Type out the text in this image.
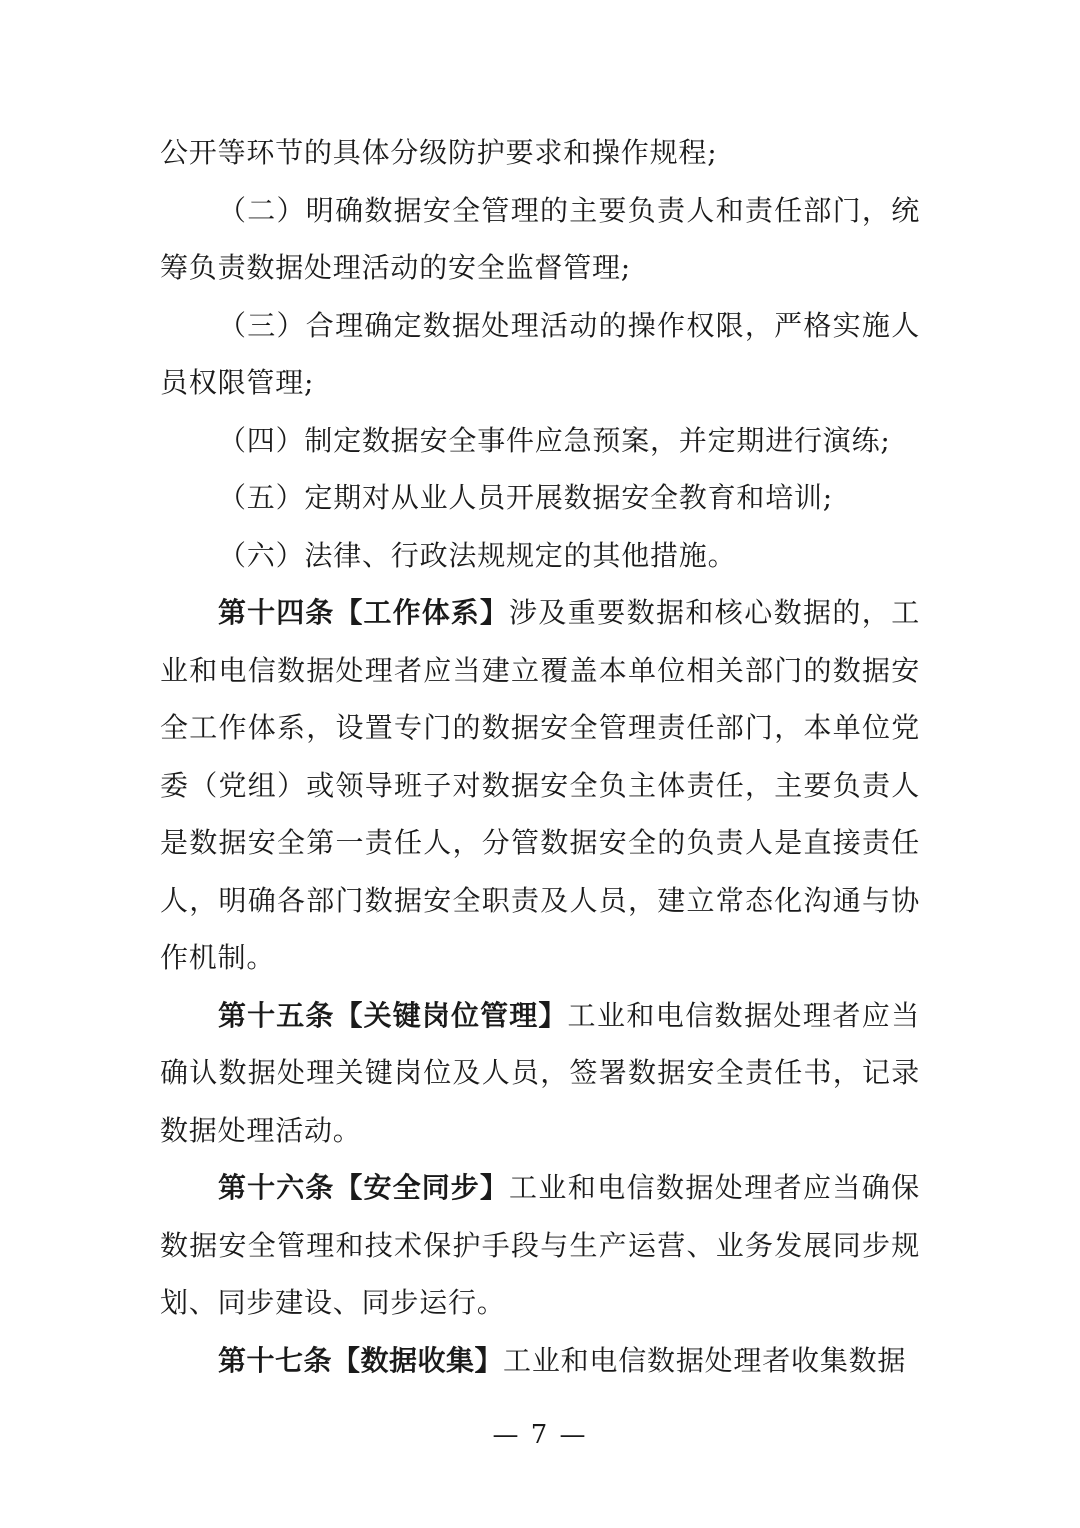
公开等环节的具体分级防护要求和操作规程;

（二）明确数据安全管理的主要负责人和责任部门，统筹负责数据处理活动的安全监督管理;

（三）合理确定数据处理活动的操作权限，严格实施人员权限管理;

（四）制定数据安全事件应急预案，并定期进行演练;

（五）定期对从业人员开展数据安全教育和培训;

（六）法律、行政法规规定的其他措施。

第十四条【工作体系】涉及重要数据和核心数据的，工业和电信数据处理者应当建立覆盖本单位相关部门的数据安全工作体系，设置专门的数据安全管理责任部门，本单位党委（党组）或领导班子对数据安全负主体责任，主要负责人是数据安全第一责任人，分管数据安全的负责人是直接责任人，明确各部门数据安全职责及人员，建立常态化沟通与协作机制。

第十五条【关键岗位管理】工业和电信数据处理者应当确认数据处理关键岗位及人员，签署数据安全责任书，记录数据处理活动。

第十六条【安全同步】工业和电信数据处理者应当确保数据安全管理和技术保护手段与生产运营、业务发展同步规划、同步建设、同步运行。

第十七条【数据收集】工业和电信数据处理者收集数据

— 7 —
